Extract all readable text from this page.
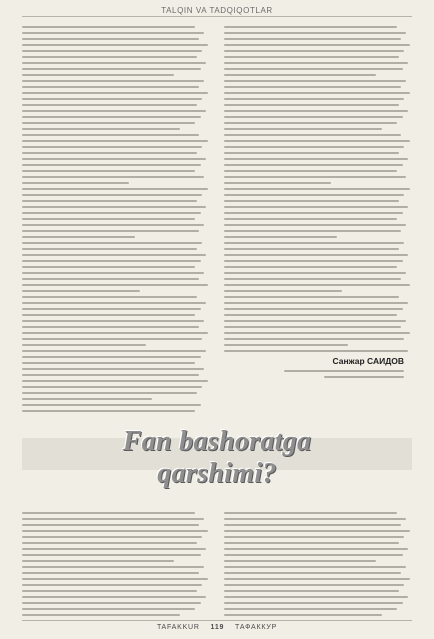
TALQIN VA TADQIQOTLAR
Санжар САИДОВ
Fan bashoratga
qarshimi?
TAFAKKUR 119 ТАФАККУР
